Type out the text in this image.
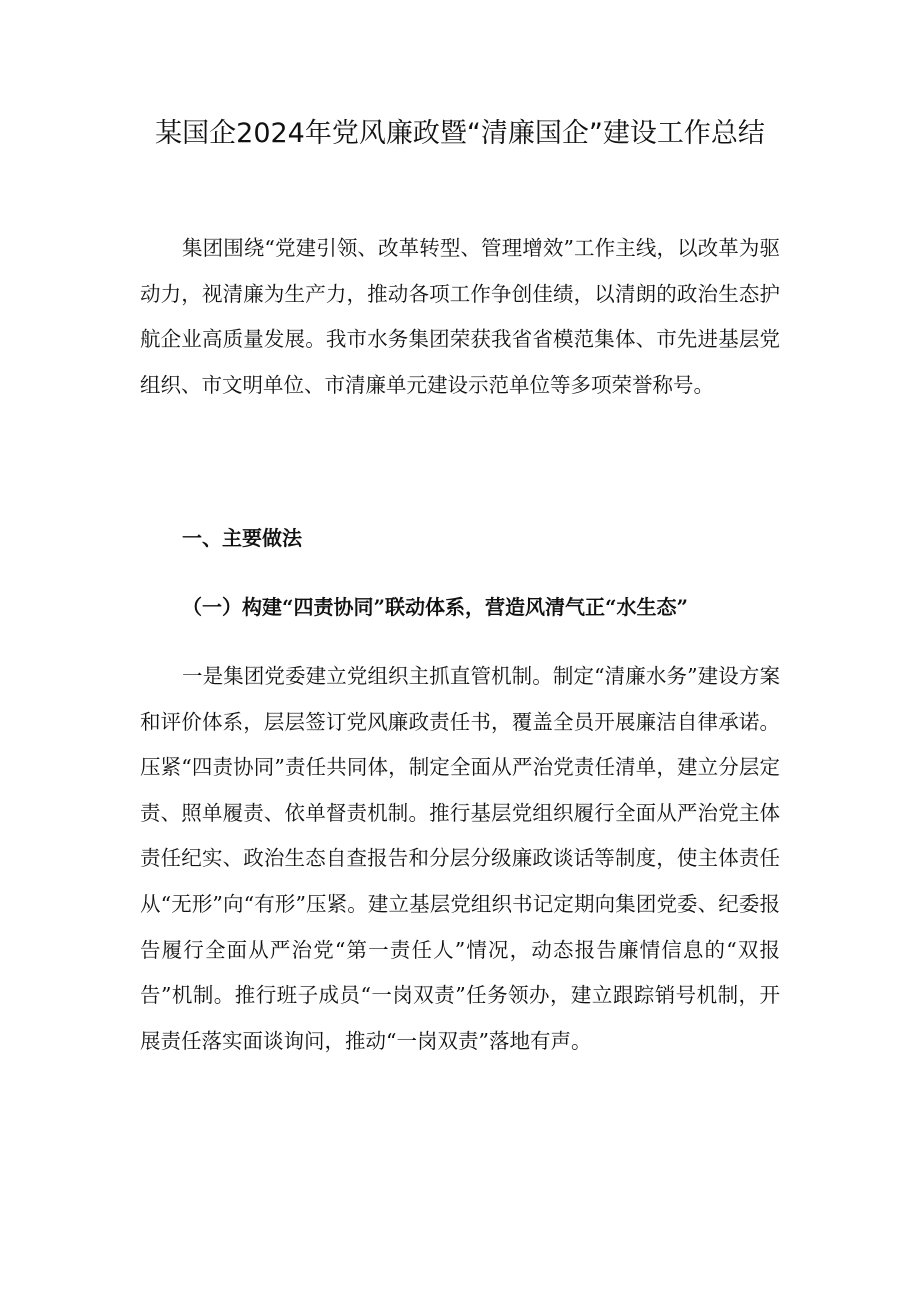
某国企2024年党风廉政暨“清廉国企”建设工作总结

集团围绕“党建引领、改革转型、管理增效”工作主线，以改革为驱动力，视清廉为生产力，推动各项工作争创佳绩，以清朗的政治生态护航企业高质量发展。我市水务集团荣获我省省模范集体、市先进基层党组织、市文明单位、市清廉单元建设示范单位等多项荣誉称号。

一、主要做法
（一）构建“四责协同”联动体系，营造风清气正“水生态”

一是集团党委建立党组织主抓直管机制。制定“清廉水务”建设方案和评价体系，层层签订党风廉政责任书，覆盖全员开展廉洁自律承诺。压紧“四责协同”责任共同体，制定全面从严治党责任清单，建立分层定责、照单履责、依单督责机制。推行基层党组织履行全面从严治党主体责任纪实、政治生态自查报告和分层分级廉政谈话等制度，使主体责任从“无形”向“有形”压紧。建立基层党组织书记定期向集团党委、纪委报告履行全面从严治党“第一责任人”情况，动态报告廉情信息的“双报告”机制。推行班子成员“一岗双责”任务领办，建立跟踪销号机制，开展责任落实面谈询问，推动“一岗双责”落地有声。
